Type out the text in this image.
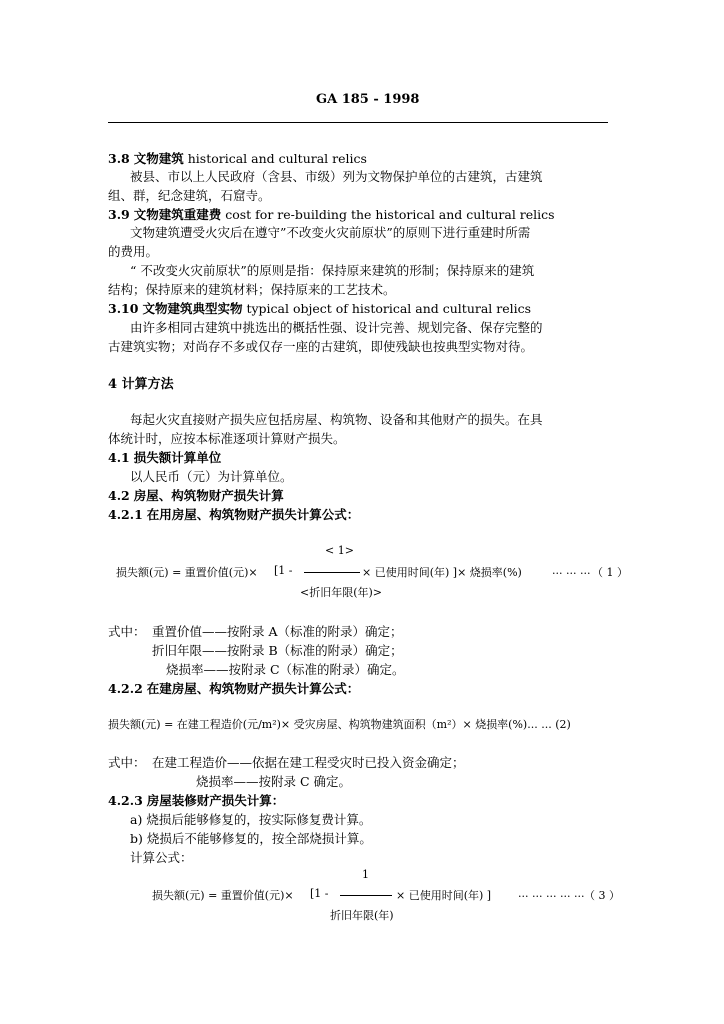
GA 185 - 1998
3.8 文物建筑 historical and cultural relics
被县、市以上人民政府（含县、市级）列为文物保护单位的古建筑，古建筑
组、群，纪念建筑，石窟寺。
3.9 文物建筑重建费 cost for re-building the historical and cultural relics
文物建筑遭受火灾后在遵守”不改变火灾前原状”的原则下进行重建时所需
的费用。
“ 不改变火灾前原状”的原则是指：保持原来建筑的形制；保持原来的建筑
结构；保持原来的建筑材料；保持原来的工艺技术。
3.10 文物建筑典型实物 typical object of historical and cultural relics
由许多相同古建筑中挑选出的概括性强、设计完善、规划完备、保存完整的
古建筑实物；对尚存不多或仅存一座的古建筑，即使残缺也按典型实物对待。
4 计算方法
每起火灾直接财产损失应包括房屋、构筑物、设备和其他财产的损失。在具
体统计时，应按本标准逐项计算财产损失。
4.1 损失额计算单位
以人民币（元）为计算单位。
4.2 房屋、构筑物财产损失计算
4.2.1 在用房屋、构筑物财产损失计算公式：
< 1>
损失额(元) = 重置价值(元)× [1 -	× 已使用时间(年) ]× 烧损率(%)	... ... ... （ 1 ）
<折旧年限(年)>
式中： 重置价值——按附录 A（标准的附录）确定；
折旧年限——按附录 B（标准的附录）确定；
烧损率——按附录 C（标准的附录）确定。
4.2.2 在建房屋、构筑物财产损失计算公式：
损失额(元) = 在建工程造价(元/m²)× 受灾房屋、构筑物建筑面积（m²）× 烧损率(%)... ... (2)
式中： 在建工程造价——依据在建工程受灾时已投入资金确定；
烧损率——按附录 C 确定。
4.2.3 房屋装修财产损失计算：
a) 烧损后能够修复的，按实际修复费计算。
b) 烧损后不能够修复的，按全部烧损计算。
计算公式：
1
损失额(元) = 重置价值(元)× [1 -	× 已使用时间(年) ] ... ... ... ... ... （ 3 ）
折旧年限(年)
